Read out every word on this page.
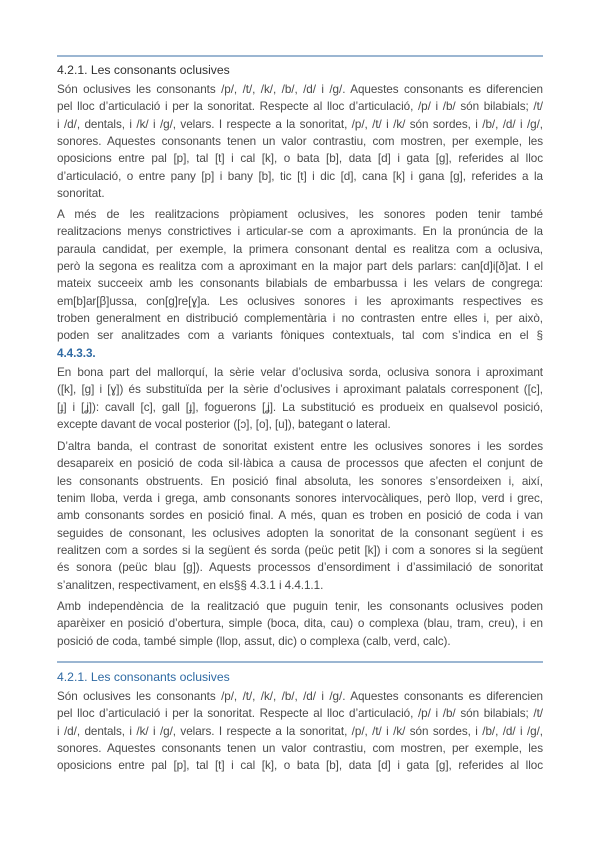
4.2.1. Les consonants oclusives
Són oclusives les consonants /p/, /t/, /k/, /b/, /d/ i /g/. Aquestes consonants es diferencien
pel lloc d’articulació i per la sonoritat. Respecte al lloc d’articulació, /p/ i /b/ són bilabials; /t/
i /d/, dentals, i /k/ i /g/, velars. I respecte a la sonoritat, /p/, /t/ i /k/ són sordes, i /b/, /d/ i /g/,
sonores. Aquestes consonants tenen un valor contrastiu, com mostren, per exemple, les
oposicions entre pal [p], tal [t] i cal [k], o bata [b], data [d] i gata [g], referides al lloc
d’articulació, o entre pany [p] i bany [b], tic [t] i dic [d], cana [k] i gana [g], referides a la
sonoritat.
A més de les realitzacions pròpiament oclusives, les sonores poden tenir també
realitzacions menys constrictives i articular-se com a aproximants. En la pronúncia de la
paraula candidat, per exemple, la primera consonant dental es realitza com a oclusiva,
però la segona es realitza com a aproximant en la major part dels parlars: can[d]i[ð]at. I el
mateix succeeix amb les consonants bilabials de embarbussa i les velars de congrega:
em[b]ar[β]ussa, con[g]re[ɣ]a. Les oclusives sonores i les aproximants respectives es
troben generalment en distribució complementària i no contrasten entre elles i, per això,
poden ser analitzades com a variants fòniques contextuals, tal com s’indica en el §
4.4.3.3.
En bona part del mallorquí, la sèrie velar d’oclusiva sorda, oclusiva sonora i aproximant
([k], [g] i [ɣ]) és substituïda per la sèrie d’oclusives i aproximant palatals corresponent ([c],
[ɟ] i [ʝ]): cavall [c], gall [ɟ], foguerons [ʝ]. La substitució es produeix en qualsevol posició,
excepte davant de vocal posterior ([ɔ], [o], [u]), bategant o lateral.
D’altra banda, el contrast de sonoritat existent entre les oclusives sonores i les sordes
desapareix en posició de coda sil·làbica a causa de processos que afecten el conjunt de
les consonants obstruents. En posició final absoluta, les sonores s’ensordeixen i, així,
tenim lloba, verda i grega, amb consonants sonores intervocàliques, però llop, verd i grec,
amb consonants sordes en posició final. A més, quan es troben en posició de coda i van
seguides de consonant, les oclusives adopten la sonoritat de la consonant següent i es
realitzen com a sordes si la següent és sorda (peüc petit [k]) i com a sonores si la següent
és sonora (peüc blau [g]). Aquests processos d’ensordiment i d’assimilació de sonoritat
s’analitzen, respectivament, en els§§ 4.3.1 i 4.4.1.1.
Amb independència de la realització que puguin tenir, les consonants oclusives poden
aparèixer en posició d’obertura, simple (boca, dita, cau) o complexa (blau, tram, creu), i en
posició de coda, també simple (llop, assut, dic) o complexa (calb, verd, calc).
4.2.1. Les consonants oclusives
Són oclusives les consonants /p/, /t/, /k/, /b/, /d/ i /g/. Aquestes consonants es diferencien
pel lloc d’articulació i per la sonoritat. Respecte al lloc d’articulació, /p/ i /b/ són bilabials; /t/
i /d/, dentals, i /k/ i /g/, velars. I respecte a la sonoritat, /p/, /t/ i /k/ són sordes, i /b/, /d/ i /g/,
sonores. Aquestes consonants tenen un valor contrastiu, com mostren, per exemple, les
oposicions entre pal [p], tal [t] i cal [k], o bata [b], data [d] i gata [g], referides al lloc
